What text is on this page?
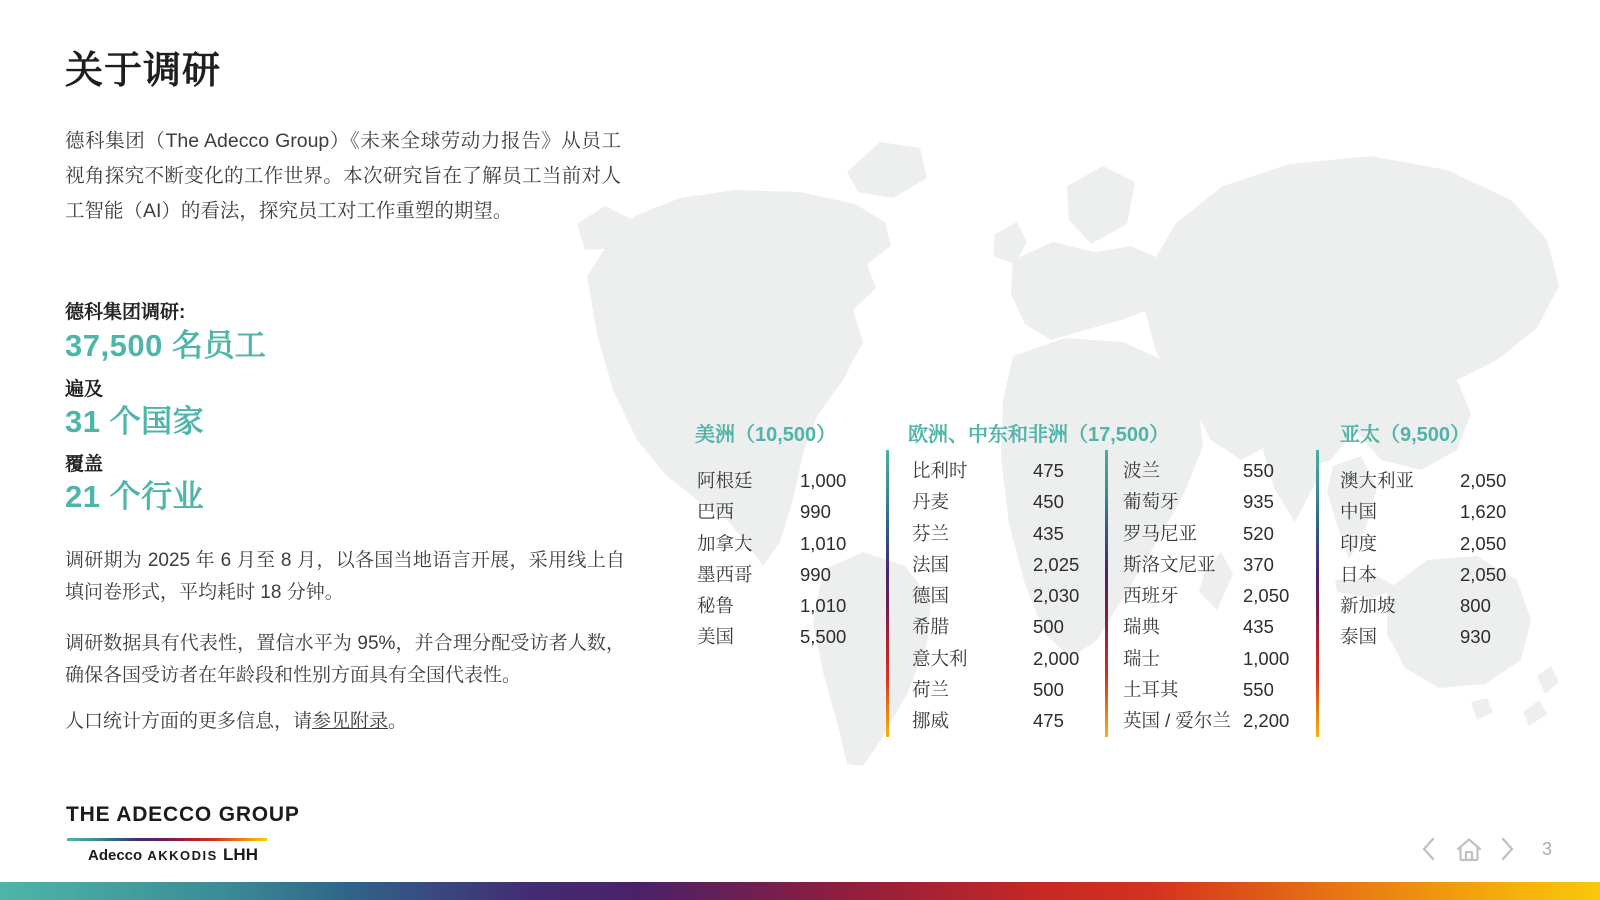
关于调研

德科集团（The Adecco Group）《未来全球劳动力报告》从员工视角探究不断变化的工作世界。本次研究旨在了解员工当前对人工智能（AI）的看法，探究员工对工作重塑的期望。

德科集团调研:

37,500 名员工

遍及

31 个国家

覆盖

21 个行业

调研期为 2025 年 6 月至 8 月，以各国当地语言开展，采用线上自填问卷形式，平均耗时 18 分钟。

调研数据具有代表性，置信水平为 95%，并合理分配受访者人数，确保各国受访者在年龄段和性别方面具有全国代表性。

人口统计方面的更多信息，请参见附录。

美洲（10,500）
阿根廷	1,000
巴西	990
加拿大	1,010
墨西哥	990
秘鲁	1,010
美国	5,500
欧洲、中东和非洲（17,500）
比利时	475
丹麦	450
芬兰	435
法国	2,025
德国	2,030
希腊	500
意大利	2,000
荷兰	500
挪威	475
波兰	550
葡萄牙	935
罗马尼亚 520
斯洛文尼亚 370
西班牙	2,050
瑞典	435
瑞士	1,000
土耳其	550
英国 / 爱尔兰 2,200
亚太（9,500）
澳大利亚 2,050
中国	1,620
印度	2,050
日本	2,050
新加坡	800
泰国	930

THE ADECCO GROUP

Adecco AKKODIS LHH	3
